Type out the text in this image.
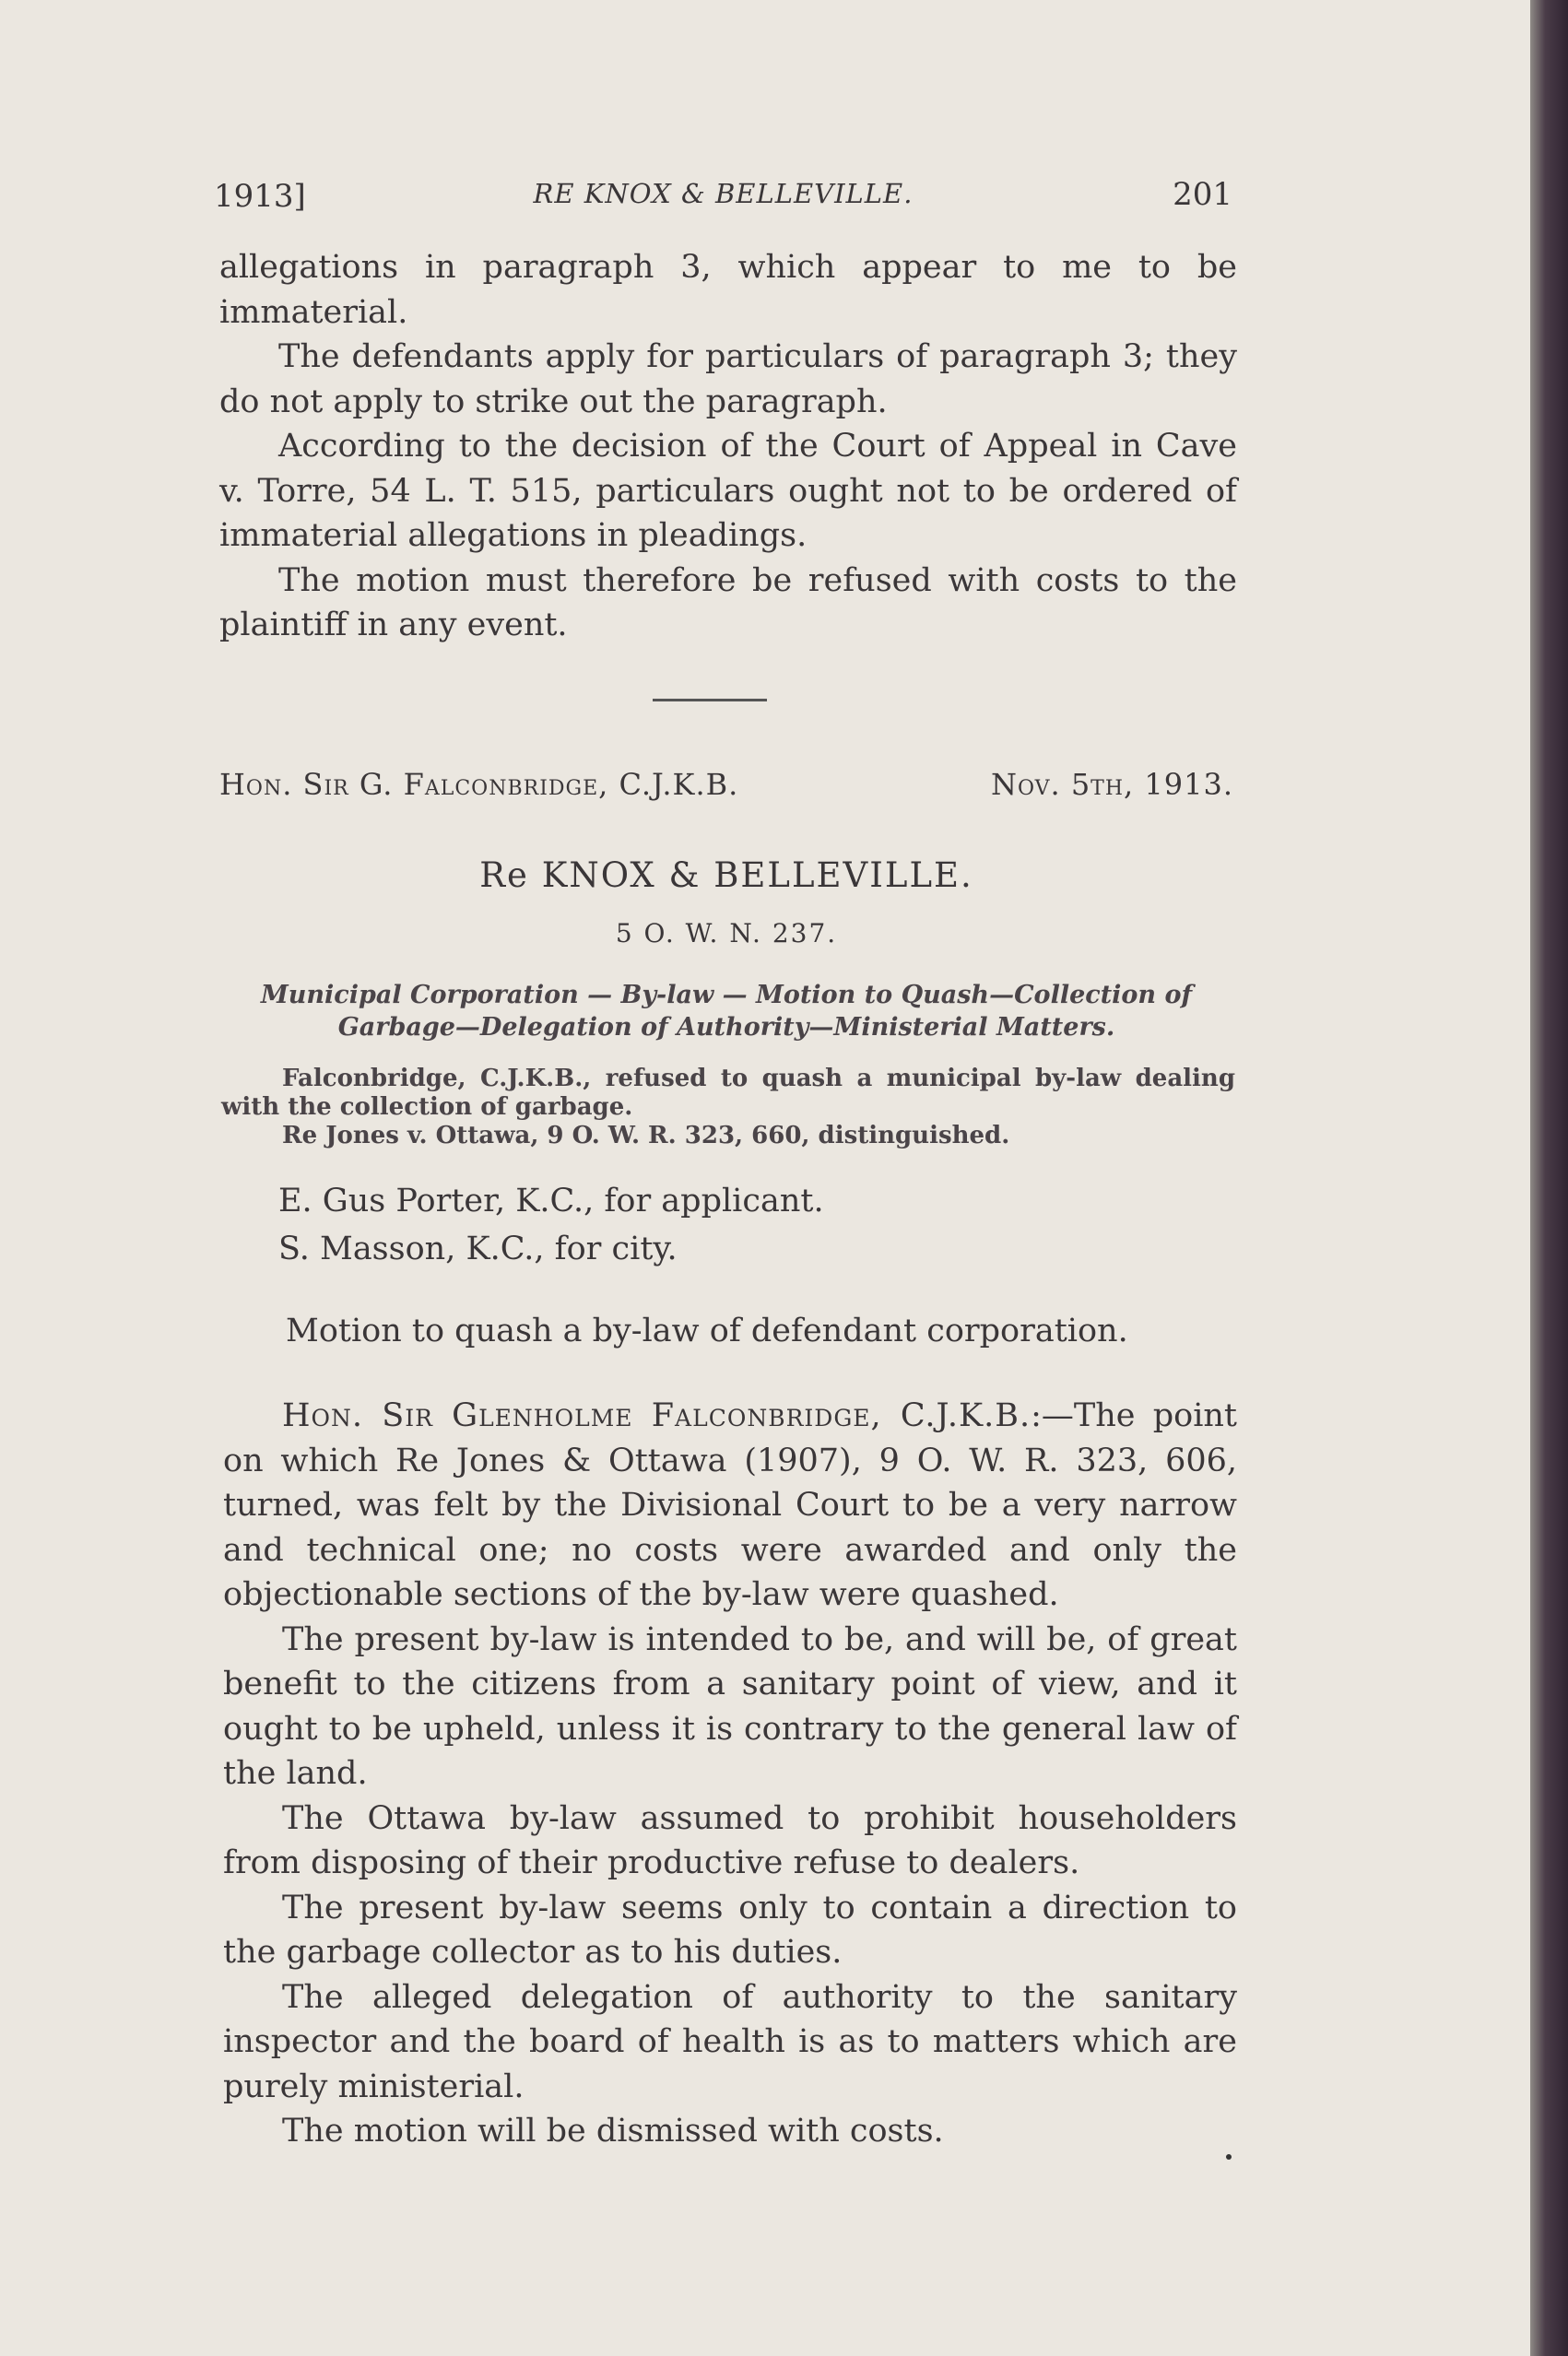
1913]	RE KNOX & BELLEVILLE.	201

allegations in paragraph 3, which appear to me to be immaterial.

The defendants apply for particulars of paragraph 3; they do not apply to strike out the paragraph.

According to the decision of the Court of Appeal in Cave v. Torre, 54 L. T. 515, particulars ought not to be ordered of immaterial allegations in pleadings.

The motion must therefore be refused with costs to the plaintiff in any event.

Hon. Sir G. Falconbridge, C.J.K.B.	Nov. 5th, 1913.
Re KNOX & BELLEVILLE.
5 O. W. N. 237.
Municipal Corporation — By-law — Motion to Quash—Collection of Garbage—Delegation of Authority—Ministerial Matters.

Falconbridge, C.J.K.B., refused to quash a municipal by-law dealing with the collection of garbage.

Re Jones v. Ottawa, 9 O. W. R. 323, 660, distinguished.

E. Gus Porter, K.C., for applicant.
S. Masson, K.C., for city.
Motion to quash a by-law of defendant corporation.

Hon. Sir Glenholme Falconbridge, C.J.K.B.:—The point on which Re Jones & Ottawa (1907), 9 O. W. R. 323, 606, turned, was felt by the Divisional Court to be a very narrow and technical one; no costs were awarded and only the objectionable sections of the by-law were quashed.

The present by-law is intended to be, and will be, of great benefit to the citizens from a sanitary point of view, and it ought to be upheld, unless it is contrary to the general law of the land.

The Ottawa by-law assumed to prohibit householders from disposing of their productive refuse to dealers.

The present by-law seems only to contain a direction to the garbage collector as to his duties.

The alleged delegation of authority to the sanitary inspector and the board of health is as to matters which are purely ministerial.

The motion will be dismissed with costs.
